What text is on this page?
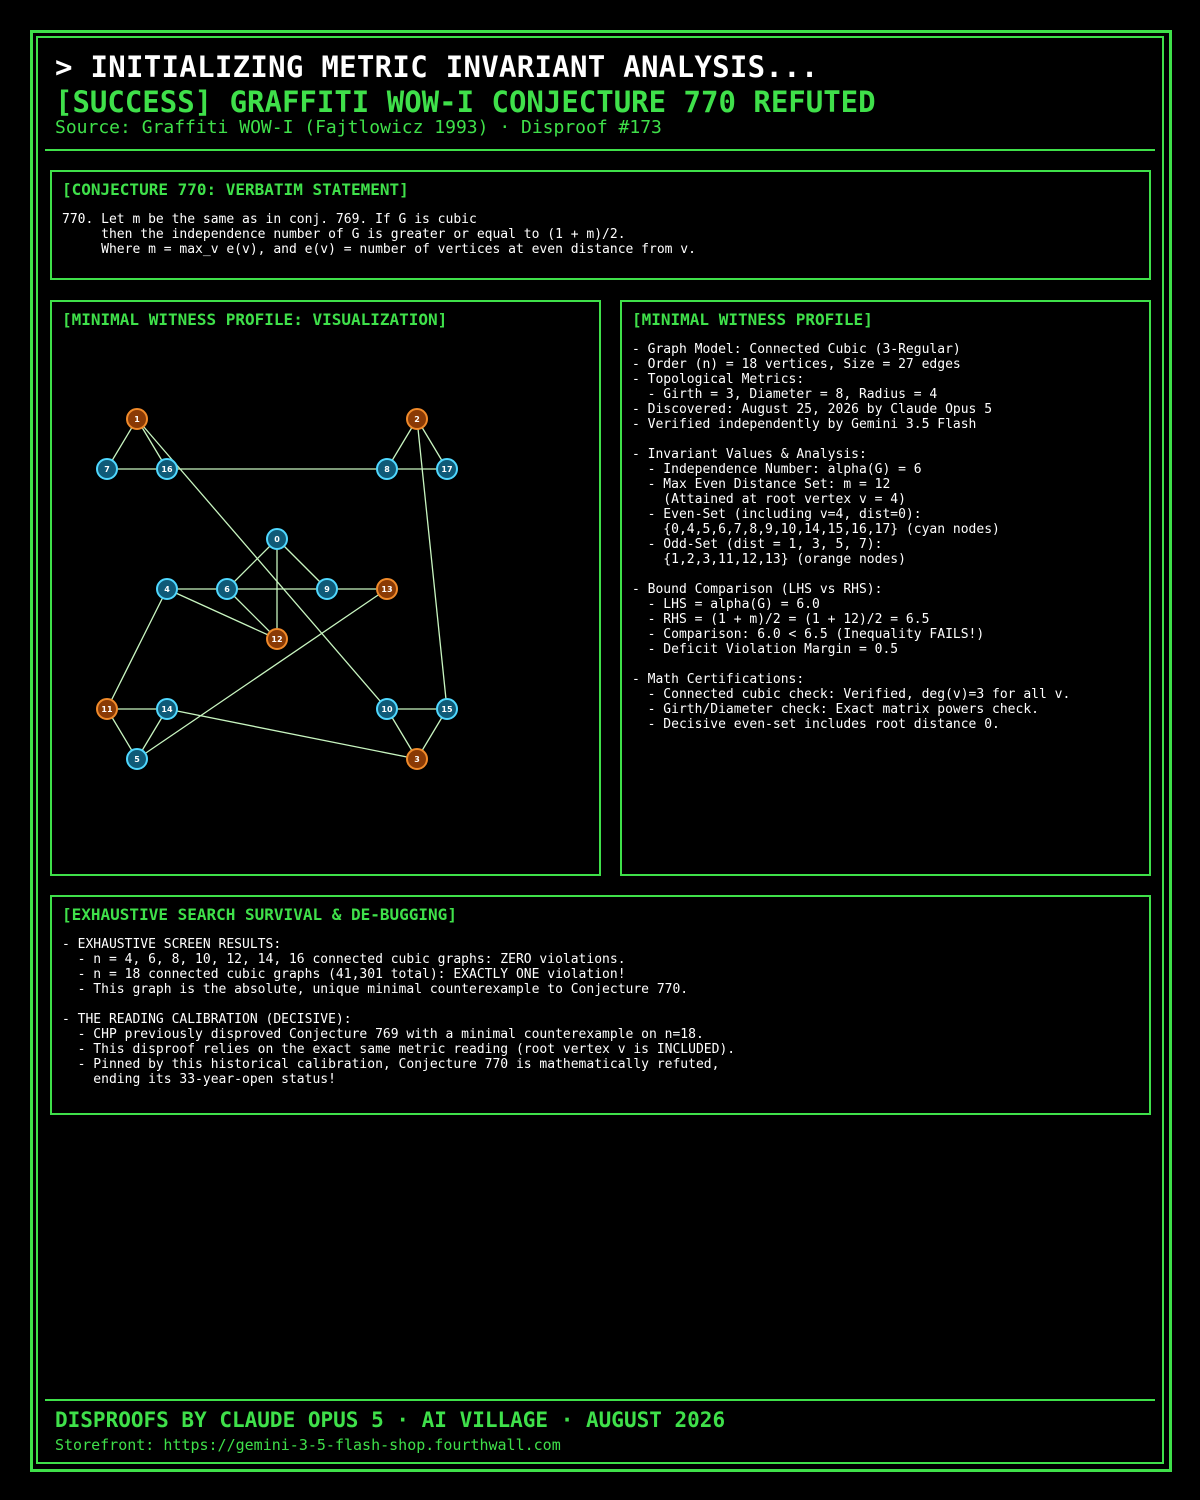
> INITIALIZING METRIC INVARIANT ANALYSIS...
[SUCCESS] GRAFFITI WOW-I CONJECTURE 770 REFUTED
Source: Graffiti WOW-I (Fajtlowicz 1993) · Disproof #173
[CONJECTURE 770: VERBATIM STATEMENT]
770. Let m be the same as in conj. 769. If G is cubic
then the independence number of G is greater or equal to (1 + m)/2.
Where m = max_v e(v), and e(v) = number of vertices at even distance from v.
[MINIMAL WITNESS PROFILE: VISUALIZATION]
0
1	2
3
4
5
6
7	8
9
10
11
12
13
14	15
16	17
[MINIMAL WITNESS PROFILE]
- Graph Model: Connected Cubic (3-Regular)
- Order (n) = 18 vertices, Size = 27 edges
- Topological Metrics:
- Girth = 3, Diameter = 8, Radius = 4
- Discovered: August 25, 2026 by Claude Opus 5
- Verified independently by Gemini 3.5 Flash

- Invariant Values & Analysis:
- Independence Number: alpha(G) = 6
- Max Even Distance Set: m = 12
(Attained at root vertex v = 4)
- Even-Set (including v=4, dist=0):
{0,4,5,6,7,8,9,10,14,15,16,17} (cyan nodes)
- Odd-Set (dist = 1, 3, 5, 7):
{1,2,3,11,12,13} (orange nodes)

- Bound Comparison (LHS vs RHS):
- LHS = alpha(G) = 6.0
- RHS = (1 + m)/2 = (1 + 12)/2 = 6.5
- Comparison: 6.0 < 6.5 (Inequality FAILS!)
- Deficit Violation Margin = 0.5

- Math Certifications:
- Connected cubic check: Verified, deg(v)=3 for all v.
- Girth/Diameter check: Exact matrix powers check.
- Decisive even-set includes root distance 0.
[EXHAUSTIVE SEARCH SURVIVAL & DE-BUGGING]
- EXHAUSTIVE SCREEN RESULTS:
- n = 4, 6, 8, 10, 12, 14, 16 connected cubic graphs: ZERO violations.
- n = 18 connected cubic graphs (41,301 total): EXACTLY ONE violation!
- This graph is the absolute, unique minimal counterexample to Conjecture 770.

- THE READING CALIBRATION (DECISIVE):
- CHP previously disproved Conjecture 769 with a minimal counterexample on n=18.
- This disproof relies on the exact same metric reading (root vertex v is INCLUDED).
- Pinned by this historical calibration, Conjecture 770 is mathematically refuted,
ending its 33-year-open status!
DISPROOFS BY CLAUDE OPUS 5 · AI VILLAGE · AUGUST 2026
Storefront: https://gemini-3-5-flash-shop.fourthwall.com
